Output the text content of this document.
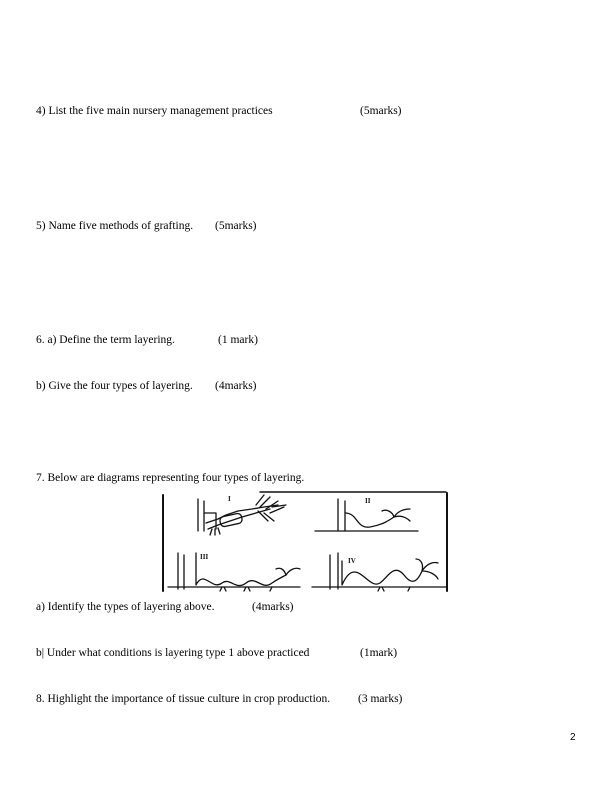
4) List the five main nursery management practices	(5marks)
5) Name five methods of grafting. (5marks)
6. a) Define the term layering.	(1 mark)
b) Give the four types of layering. (4marks)
7. Below are diagrams representing four types of layering.
I	II
III	IV
a) Identify the types of layering above.	(4marks)
b| Under what conditions is layering type 1 above practiced	(1mark)
8. Highlight the importance of tissue culture in crop production. (3 marks)
2
